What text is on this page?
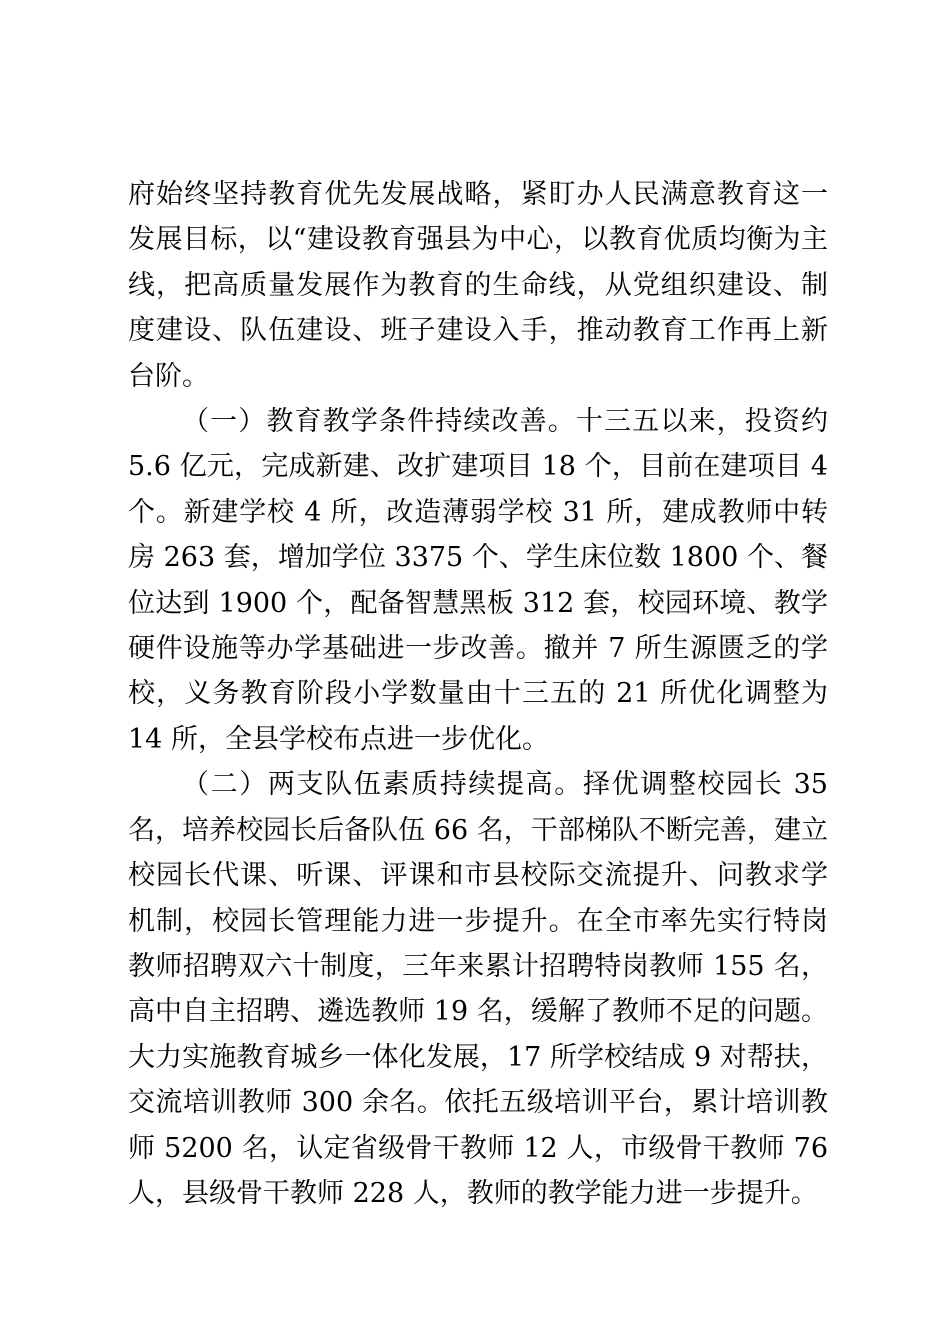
府始终坚持教育优先发展战略，紧盯办人民满意教育这一发展目标，以“建设教育强县为中心，以教育优质均衡为主线，把高质量发展作为教育的生命线，从党组织建设、制度建设、队伍建设、班子建设入手，推动教育工作再上新台阶。

（一）教育教学条件持续改善。十三五以来，投资约 5.6 亿元，完成新建、改扩建项目 18 个，目前在建项目 4 个。新建学校 4 所，改造薄弱学校 31 所，建成教师中转房 263 套，增加学位 3375 个、学生床位数 1800 个、餐位达到 1900 个，配备智慧黑板 312 套，校园环境、教学硬件设施等办学基础进一步改善。撤并 7 所生源匮乏的学校，义务教育阶段小学数量由十三五的 21 所优化调整为 14 所，全县学校布点进一步优化。

（二）两支队伍素质持续提高。择优调整校园长 35 名，培养校园长后备队伍 66 名，干部梯队不断完善，建立校园长代课、听课、评课和市县校际交流提升、问教求学机制，校园长管理能力进一步提升。在全市率先实行特岗教师招聘双六十制度，三年来累计招聘特岗教师 155 名，高中自主招聘、遴选教师 19 名，缓解了教师不足的问题。大力实施教育城乡一体化发展，17 所学校结成 9 对帮扶，交流培训教师 300 余名。依托五级培训平台，累计培训教师 5200 名，认定省级骨干教师 12 人，市级骨干教师 76 人，县级骨干教师 228 人，教师的教学能力进一步提升。
